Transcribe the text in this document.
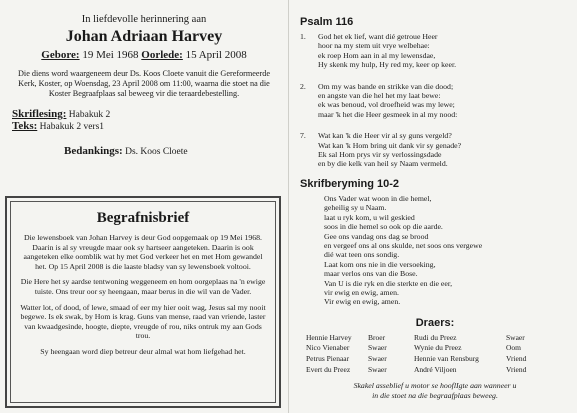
In liefdevolle herinnering aan
Johan Adriaan Harvey
Gebore: 19 Mei 1968 Oorlede: 15 April 2008
Die diens word waargeneem deur Ds. Koos Cloete vanuit die Gereformeerde Kerk, Koster, op Woensdag, 23 April 2008 om 11:00, waarna die stoet na die Koster Begraafplaas sal beweeg vir die teraardebestelling.
Skriflesing: Habakuk 2
Teks: Habakuk 2 vers1
Bedankings: Ds. Koos Cloete
Begrafnisbrief
Die lewensboek van Johan Harvey is deur God oopgemaak op 19 Mei 1968. Daarin is al sy vreugde maar ook sy hartseer aangeteken. Daarin is ook aangeteken elke oomblik wat hy met God verkeer het en met Hom gewandel het. Op 15 April 2008 is die laaste bladsy van sy lewensboek voltooi.
Die Here het sy aardse tentwoning weggeneem en hom oorgeplaas na 'n ewige tuiste. Ons treur oor sy heengaan, maar berus in die wil van de Vader.
Watter lot, of dood, of lewe, smaad of eer my hier ooit wag, Jesus sal my nooit begewe. Is ek swak, by Hom is krag. Guns van mense, raad van vriende, laster van kwaadgesinde, hoogte, diepte, vreugde of rou, niks ontruk my aan Gods trou.
Sy heengaan word diep betreur deur almal wat hom liefgehad het.
Psalm 116
1.	God het ek lief, want dié getroue Heer
hoor na my stem uit vrye welbehae:
ek roep Hom aan in al my lewensdae,
Hy skenk my hulp, Hy red my, keer op keer.
2.	Om my was bande en strikke van die dood;
en angste van die hel het my laat bewe:
ek was benoud, vol droefheid was my lewe;
maar 'k het die Heer gesmeek in al my nood:
7.	Wat kan 'k die Heer vir al sy guns vergeld?
Wat kan 'k Hom bring uit dank vir sy genade?
Ek sal Hom prys vir sy verlossingsdade
en by die kelk van heil sy Naam vermeld.
Skrifberyming 10-2
Ons Vader wat woon in die hemel,
geheilig sy u Naam.
laat u ryk kom, u wil geskied
soos in die hemel so ook op die aarde.
Gee ons vandag ons dag se brood
en vergeef ons al ons skulde, net soos ons vergewe
dié wat teen ons sondig.
Laat kom ons nie in die versoeking,
maar verlos ons van die Bose.
Van U is die ryk en die sterkte en die eer,
vir ewig en ewig, amen.
Vir ewig en ewig, amen.
Draers:
Hennie Harvey	Broer	Rudi du Preez	Swaer
Nico Vienaber	Swaer	Wynie du Preez	Oom
Petrus Pienaar	Swaer	Hennie van Rensburg	Vriend
Evert du Preez	Swaer	André Viljoen	Vriend
Skakel asseblief u motor se hooflIgte aan wanneer u
in die stoet na die begraafplaas beweeg.
